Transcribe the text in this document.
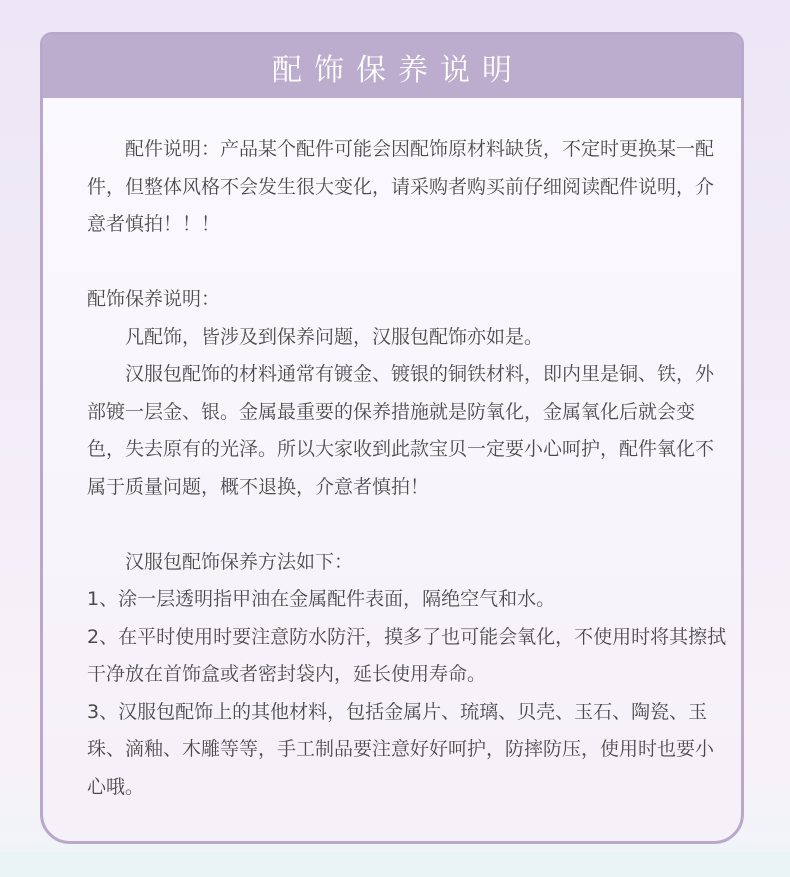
配饰保养说明

配件说明：产品某个配件可能会因配饰原材料缺货，不定时更换某一配件，但整体风格不会发生很大变化，请采购者购买前仔细阅读配件说明，介意者慎拍！！！

配饰保养说明：

凡配饰，皆涉及到保养问题，汉服包配饰亦如是。

汉服包配饰的材料通常有镀金、镀银的铜铁材料，即内里是铜、铁，外部镀一层金、银。金属最重要的保养措施就是防氧化，金属氧化后就会变色，失去原有的光泽。所以大家收到此款宝贝一定要小心呵护，配件氧化不属于质量问题，概不退换，介意者慎拍！

汉服包配饰保养方法如下：

1、涂一层透明指甲油在金属配件表面，隔绝空气和水。

2、在平时使用时要注意防水防汗，摸多了也可能会氧化，不使用时将其擦拭干净放在首饰盒或者密封袋内，延长使用寿命。

3、汉服包配饰上的其他材料，包括金属片、琉璃、贝壳、玉石、陶瓷、玉珠、滴釉、木雕等等，手工制品要注意好好呵护，防摔防压，使用时也要小心哦。
